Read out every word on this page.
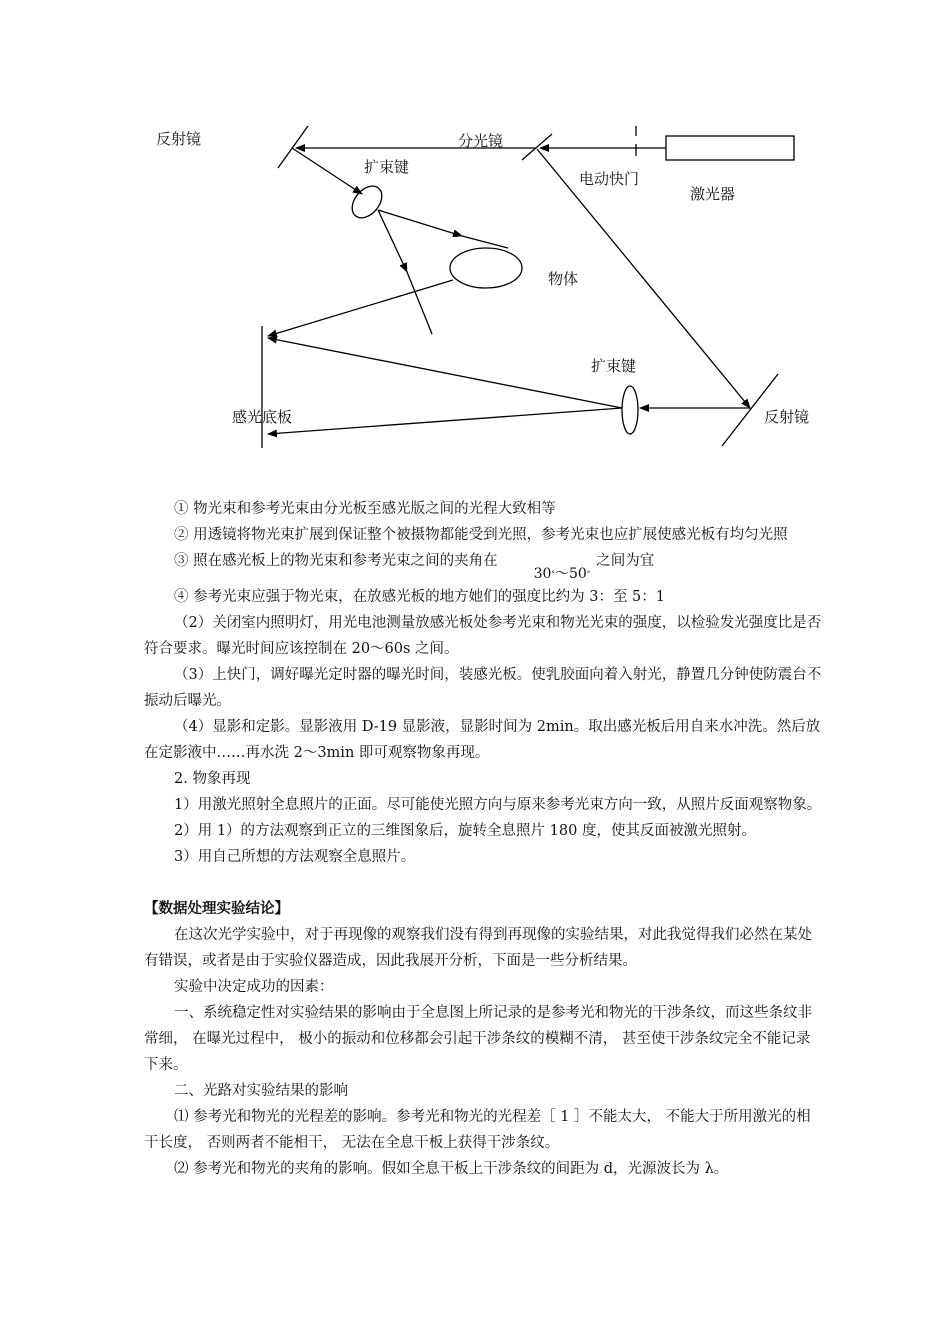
反射镜	分光镜
扩束键
电动快门
激光器
物体
扩束键
感光底板	反射镜

① 物光束和参考光束由分光板至感光版之间的光程大致相等

② 用透镜将物光束扩展到保证整个被摄物都能受到光照，参考光束也应扩展使感光板有均匀光照

③ 照在感光板上的物光束和参考光束之间的夹角在30°～50°之间为宜

④ 参考光束应强于物光束，在放感光板的地方她们的强度比约为 3：至 5：1

（2）关闭室内照明灯，用光电池测量放感光板处参考光束和物光光束的强度，以检验发光强度比是否符合要求。曝光时间应该控制在 20～60s 之间。

（3）上快门，调好曝光定时器的曝光时间，装感光板。使乳胶面向着入射光，静置几分钟使防震台不振动后曝光。

（4）显影和定影。显影液用 D-19 显影液，显影时间为 2min。取出感光板后用自来水冲洗。然后放在定影液中……再水洗 2～3min 即可观察物象再现。

2. 物象再现

1）用激光照射全息照片的正面。尽可能使光照方向与原来参考光束方向一致，从照片反面观察物象。

2）用 1）的方法观察到正立的三维图象后，旋转全息照片 180 度，使其反面被激光照射。

3）用自己所想的方法观察全息照片。

【数据处理实验结论】

在这次光学实验中，对于再现像的观察我们没有得到再现像的实验结果，对此我觉得我们必然在某处有错误，或者是由于实验仪器造成，因此我展开分析，下面是一些分析结果。

实验中决定成功的因素：

一、系统稳定性对实验结果的影响由于全息图上所记录的是参考光和物光的干涉条纹，而这些条纹非常细， 在曝光过程中， 极小的振动和位移都会引起干涉条纹的模糊不清， 甚至使干涉条纹完全不能记录下来。

二、光路对实验结果的影响

⑴ 参考光和物光的光程差的影响。参考光和物光的光程差［ 1 ］不能太大， 不能大于所用激光的相干长度， 否则两者不能相干， 无法在全息干板上获得干涉条纹。

⑵ 参考光和物光的夹角的影响。假如全息干板上干涉条纹的间距为 d，光源波长为 λ。
